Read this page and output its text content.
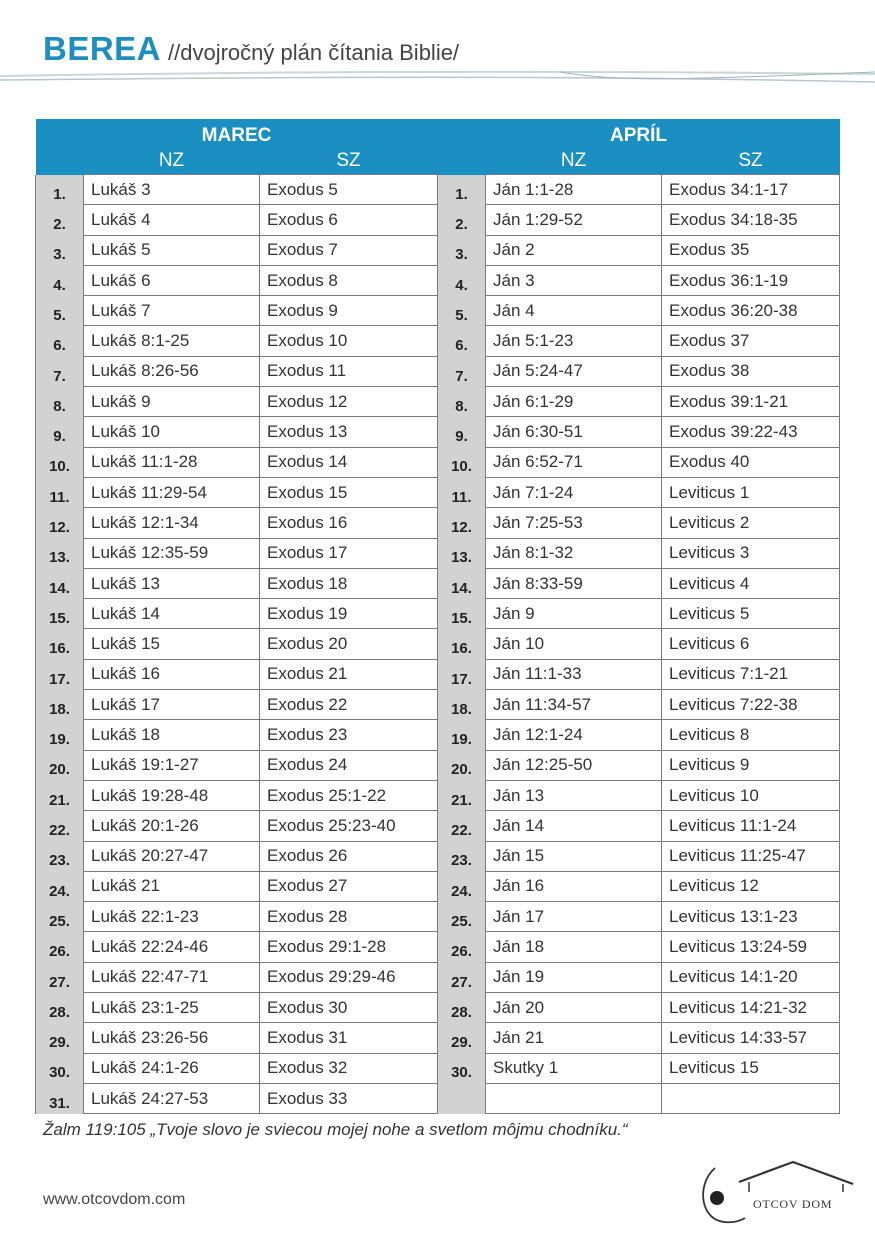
BEREA //dvojročný plán čítania Biblie/
MAREC			APRÍL		
	NZ	SZ		NZ	SZ
1.	Lukáš 3	Exodus 5	1.	Ján 1:1-28	Exodus 34:1-17
2.	Lukáš 4	Exodus 6	2.	Ján 1:29-52	Exodus 34:18-35
3.	Lukáš 5	Exodus 7	3.	Ján 2	Exodus 35
4.	Lukáš 6	Exodus 8	4.	Ján 3	Exodus 36:1-19
5.	Lukáš 7	Exodus 9	5.	Ján 4	Exodus 36:20-38
6.	Lukáš 8:1-25	Exodus 10	6.	Ján 5:1-23	Exodus 37
7.	Lukáš 8:26-56	Exodus 11	7.	Ján 5:24-47	Exodus 38
8.	Lukáš 9	Exodus 12	8.	Ján 6:1-29	Exodus 39:1-21
9.	Lukáš 10	Exodus 13	9.	Ján 6:30-51	Exodus 39:22-43
10.	Lukáš 11:1-28	Exodus 14	10.	Ján 6:52-71	Exodus 40
11.	Lukáš 11:29-54	Exodus 15	11.	Ján 7:1-24	Leviticus 1
12.	Lukáš 12:1-34	Exodus 16	12.	Ján 7:25-53	Leviticus 2
13.	Lukáš 12:35-59	Exodus 17	13.	Ján 8:1-32	Leviticus 3
14.	Lukáš 13	Exodus 18	14.	Ján 8:33-59	Leviticus 4
15.	Lukáš 14	Exodus 19	15.	Ján 9	Leviticus 5
16.	Lukáš 15	Exodus 20	16.	Ján 10	Leviticus 6
17.	Lukáš 16	Exodus 21	17.	Ján 11:1-33	Leviticus 7:1-21
18.	Lukáš 17	Exodus 22	18.	Ján 11:34-57	Leviticus 7:22-38
19.	Lukáš 18	Exodus 23	19.	Ján 12:1-24	Leviticus 8
20.	Lukáš 19:1-27	Exodus 24	20.	Ján 12:25-50	Leviticus 9
21.	Lukáš 19:28-48	Exodus 25:1-22	21.	Ján 13	Leviticus 10
22.	Lukáš 20:1-26	Exodus 25:23-40	22.	Ján 14	Leviticus 11:1-24
23.	Lukáš 20:27-47	Exodus 26	23.	Ján 15	Leviticus 11:25-47
24.	Lukáš 21	Exodus 27	24.	Ján 16	Leviticus 12
25.	Lukáš 22:1-23	Exodus 28	25.	Ján 17	Leviticus 13:1-23
26.	Lukáš 22:24-46	Exodus 29:1-28	26.	Ján 18	Leviticus 13:24-59
27.	Lukáš 22:47-71	Exodus 29:29-46	27.	Ján 19	Leviticus 14:1-20
28.	Lukáš 23:1-25	Exodus 30	28.	Ján 20	Leviticus 14:21-32
29.	Lukáš 23:26-56	Exodus 31	29.	Ján 21	Leviticus 14:33-57
30.	Lukáš 24:1-26	Exodus 32	30.	Skutky 1	Leviticus 15
31.	Lukáš 24:27-53	Exodus 33			
Žalm 119:105 „Tvoje slovo je sviecou mojej nohe a svetlom môjmu chodníku.“
www.otcovdom.com	OTCOV DOM
